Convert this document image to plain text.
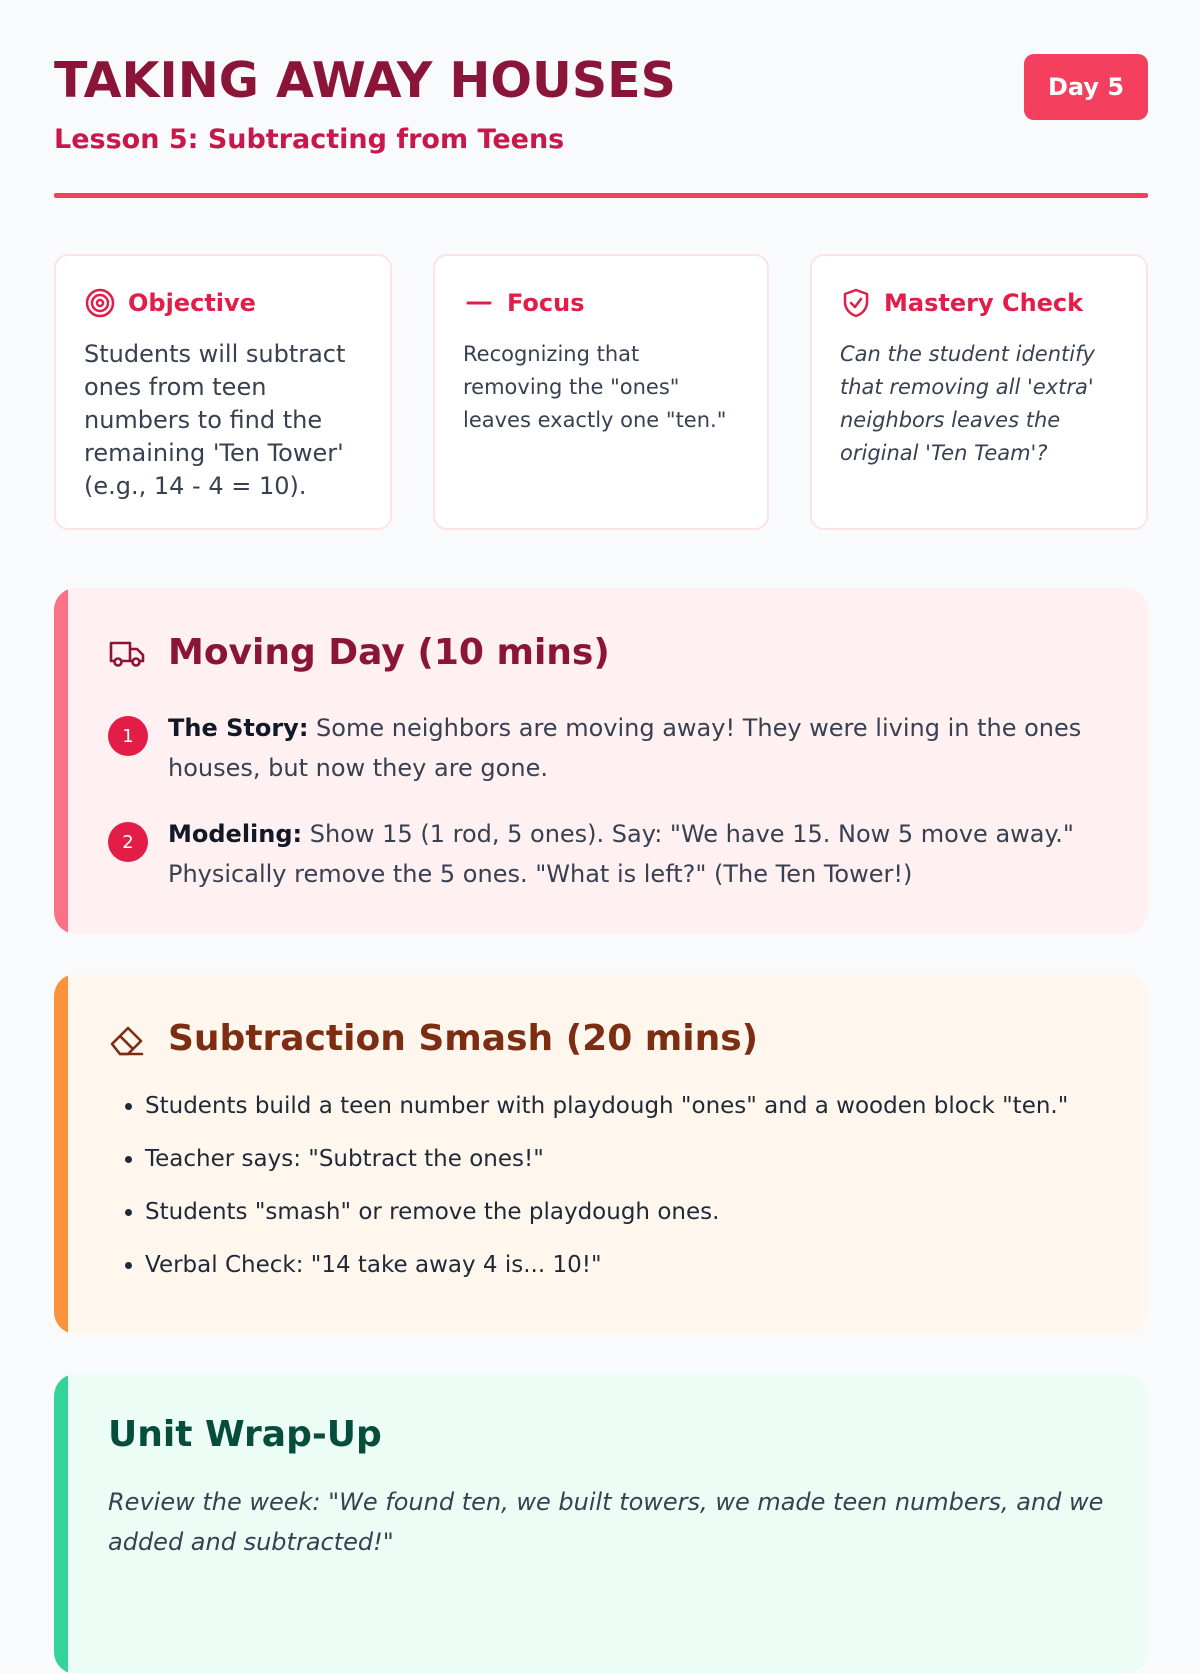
TAKING AWAY HOUSES
Lesson 5: Subtracting from Teens
Day 5
Objective
Students will subtract ones from teen numbers to find the remaining 'Ten Tower' (e.g., 14 - 4 = 10).
Focus
Recognizing that removing the "ones" leaves exactly one "ten."
Mastery Check
Can the student identify that removing all 'extra' neighbors leaves the original 'Ten Team'?
Moving Day (10 mins)
1	The Story: Some neighbors are moving away! They were living in the ones houses, but now they are gone.
2	Modeling: Show 15 (1 rod, 5 ones). Say: "We have 15. Now 5 move away." Physically remove the 5 ones. "What is left?" (The Ten Tower!)
Subtraction Smash (20 mins)
• Students build a teen number with playdough "ones" and a wooden block "ten."
• Teacher says: "Subtract the ones!"
• Students "smash" or remove the playdough ones.
• Verbal Check: "14 take away 4 is... 10!"
Unit Wrap-Up
Review the week: "We found ten, we built towers, we made teen numbers, and we added and subtracted!"
